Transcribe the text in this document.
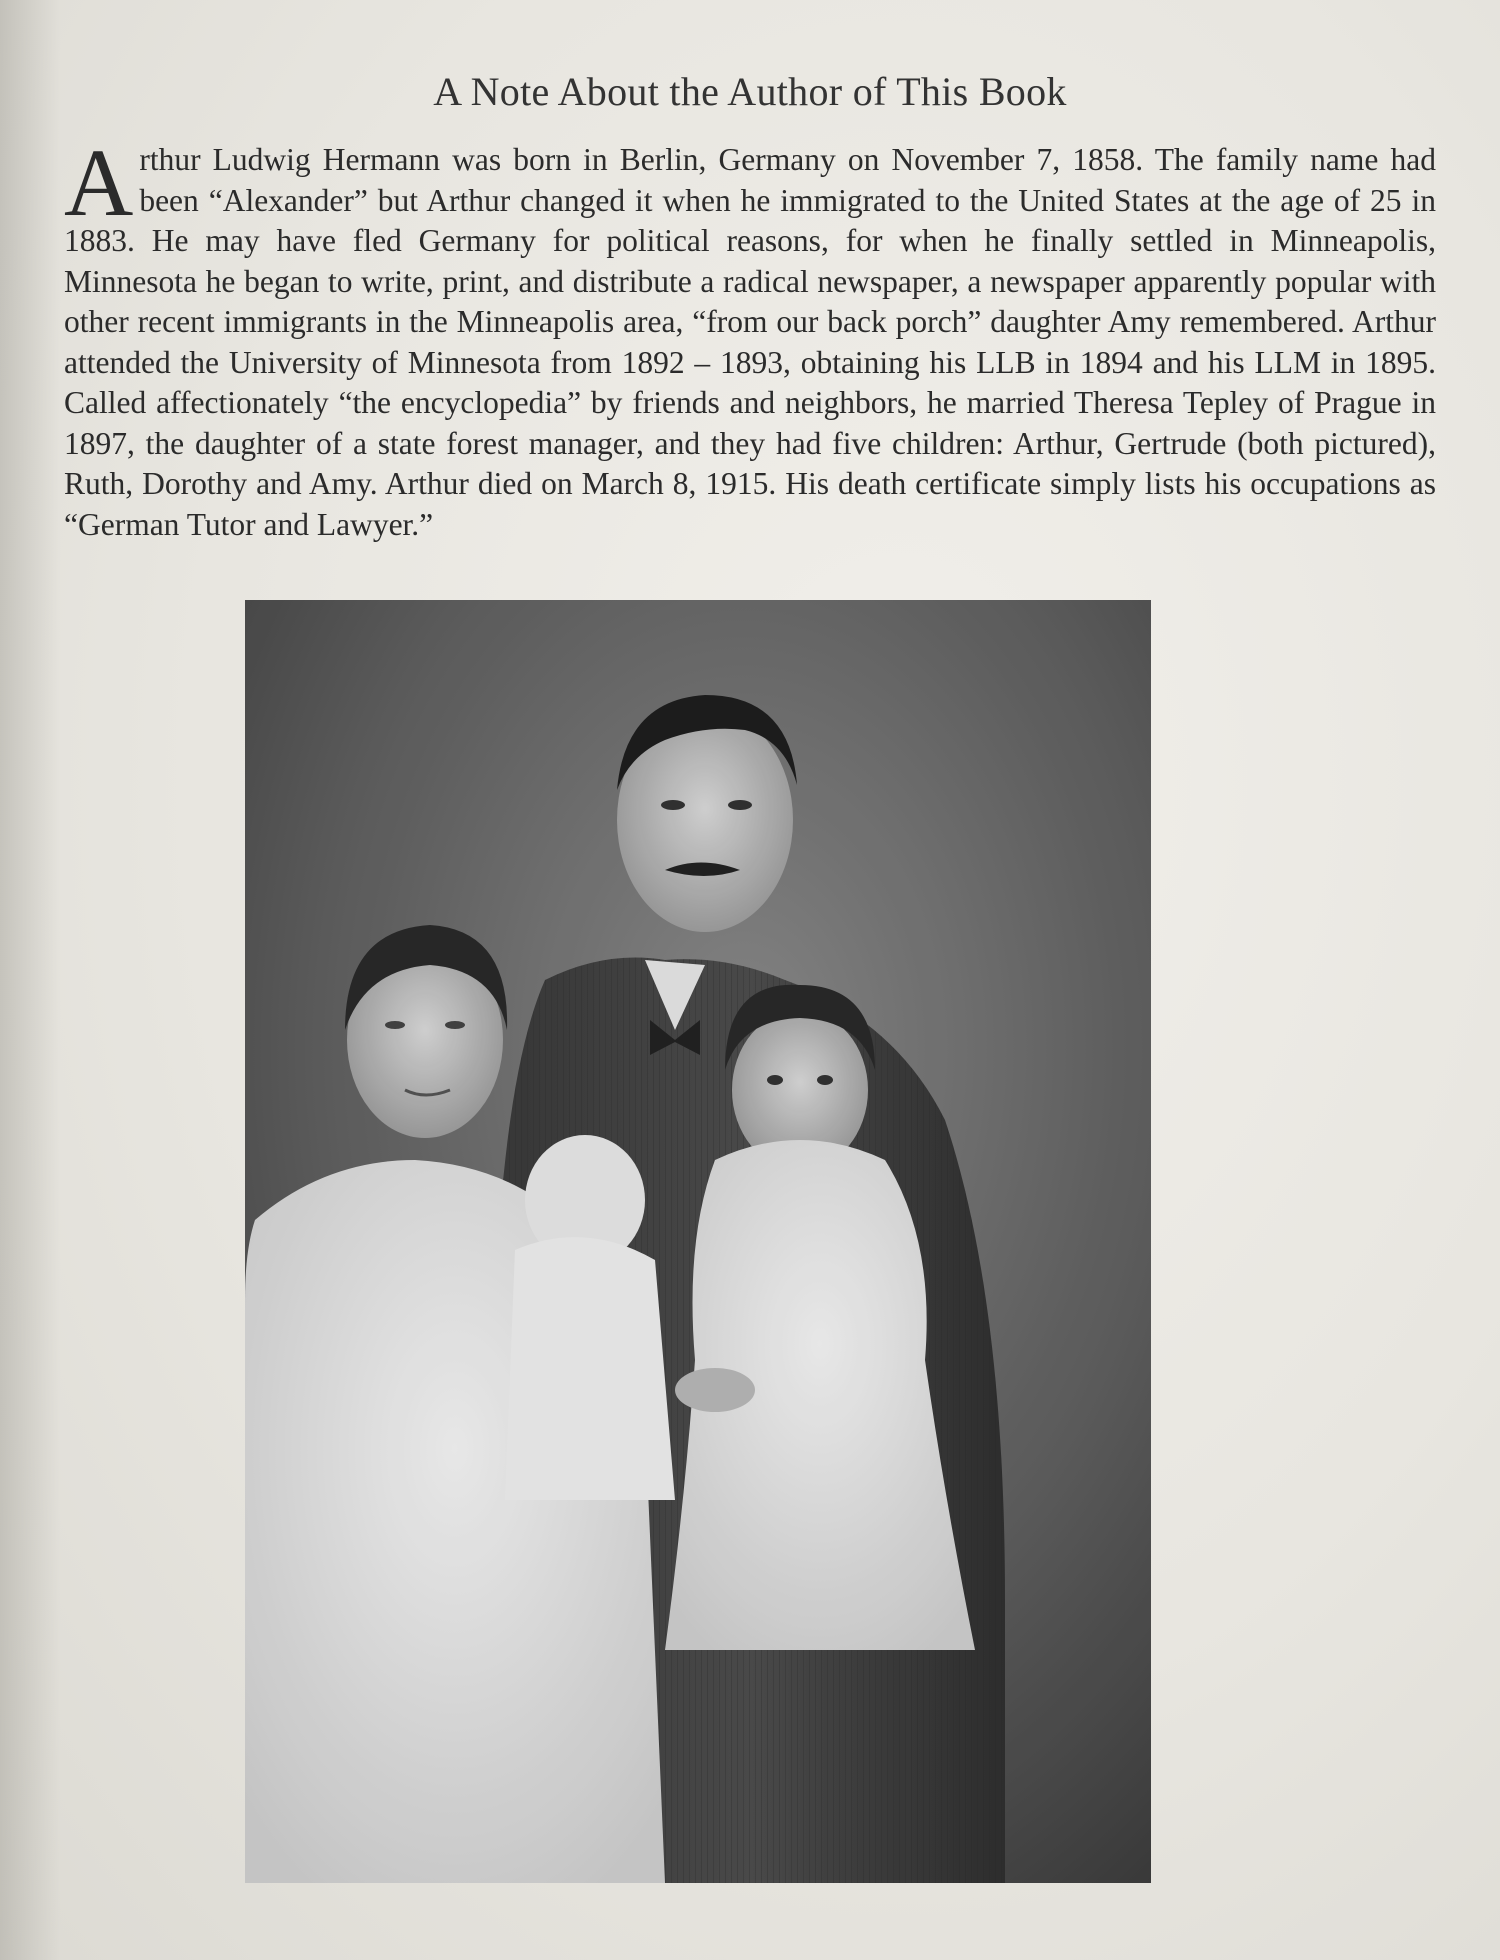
A Note About the Author of This Book
Arthur Ludwig Hermann was born in Berlin, Germany on November 7, 1858. The family name had been “Alexander” but Arthur changed it when he immigrated to the United States at the age of 25 in 1883. He may have fled Germany for political reasons, for when he finally settled in Minneapolis, Minnesota he began to write, print, and distribute a radical newspaper, a newspaper apparently popular with other recent immigrants in the Minneapolis area, “from our back porch” daughter Amy remembered. Arthur attended the University of Minnesota from 1892 – 1893, obtaining his LLB in 1894 and his LLM in 1895. Called affectionately “the encyclopedia” by friends and neighbors, he married Theresa Tepley of Prague in 1897, the daughter of a state forest manager, and they had five children: Arthur, Gertrude (both pictured), Ruth, Dorothy and Amy. Arthur died on March 8, 1915. His death certificate simply lists his occupations as “German Tutor and Lawyer.”
